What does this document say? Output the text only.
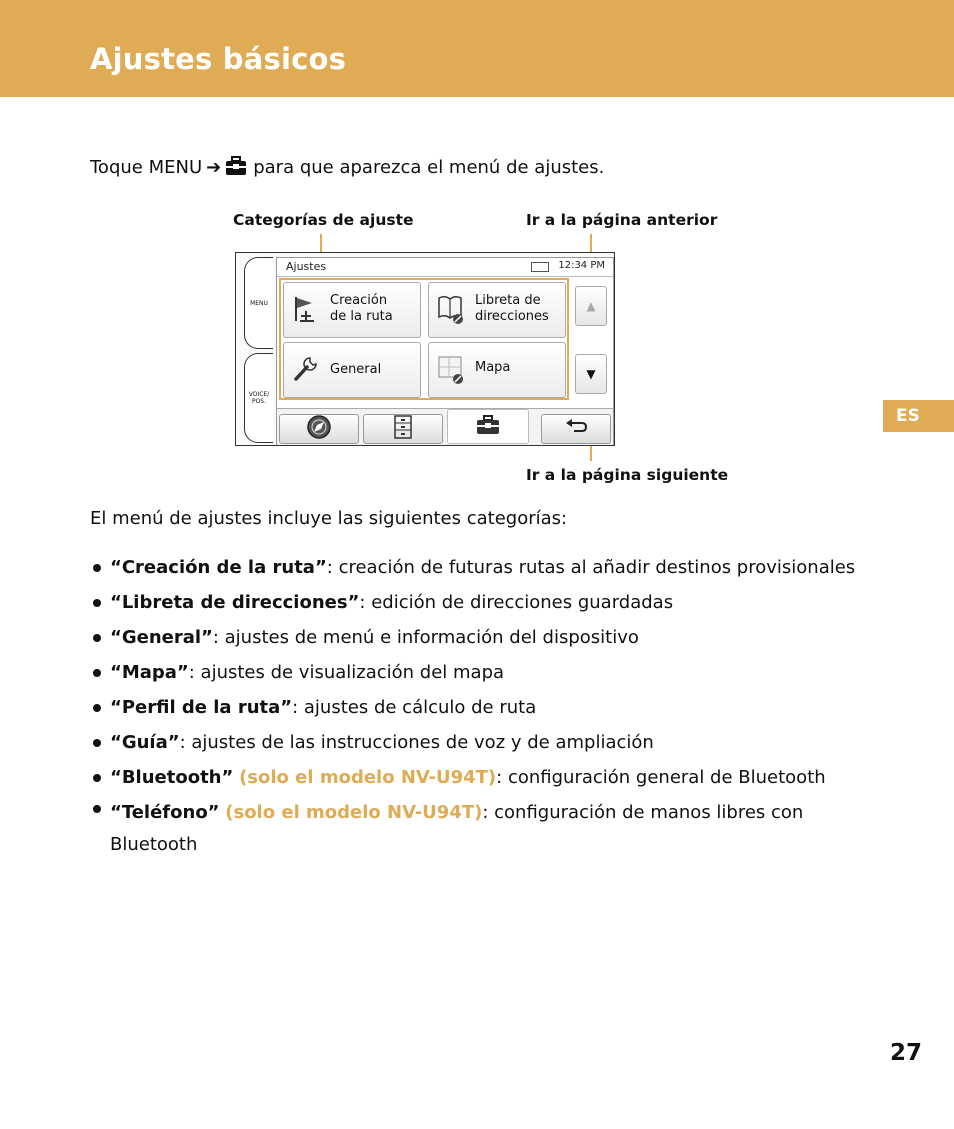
Ajustes básicos
Toque MENU ➔ para que aparezca el menú de ajustes.
Categorías de ajuste	Ir a la página anterior
Ir a la página siguiente
MENU
VOICE/
POS.
Ajustes	12:34 PM
Creación
de la ruta
Libreta de
direcciones
General	Mapa
▲
▼
El menú de ajustes incluye las siguientes categorías:
“Creación de la ruta”: creación de futuras rutas al añadir destinos provisionales
“Libreta de direcciones”: edición de direcciones guardadas
“General”: ajustes de menú e información del dispositivo
“Mapa”: ajustes de visualización del mapa
“Perfil de la ruta”: ajustes de cálculo de ruta
“Guía”: ajustes de las instrucciones de voz y de ampliación
“Bluetooth” (solo el modelo NV-U94T): configuración general de Bluetooth
“Teléfono” (solo el modelo NV-U94T): configuración de manos libres con Bluetooth
ES
27
